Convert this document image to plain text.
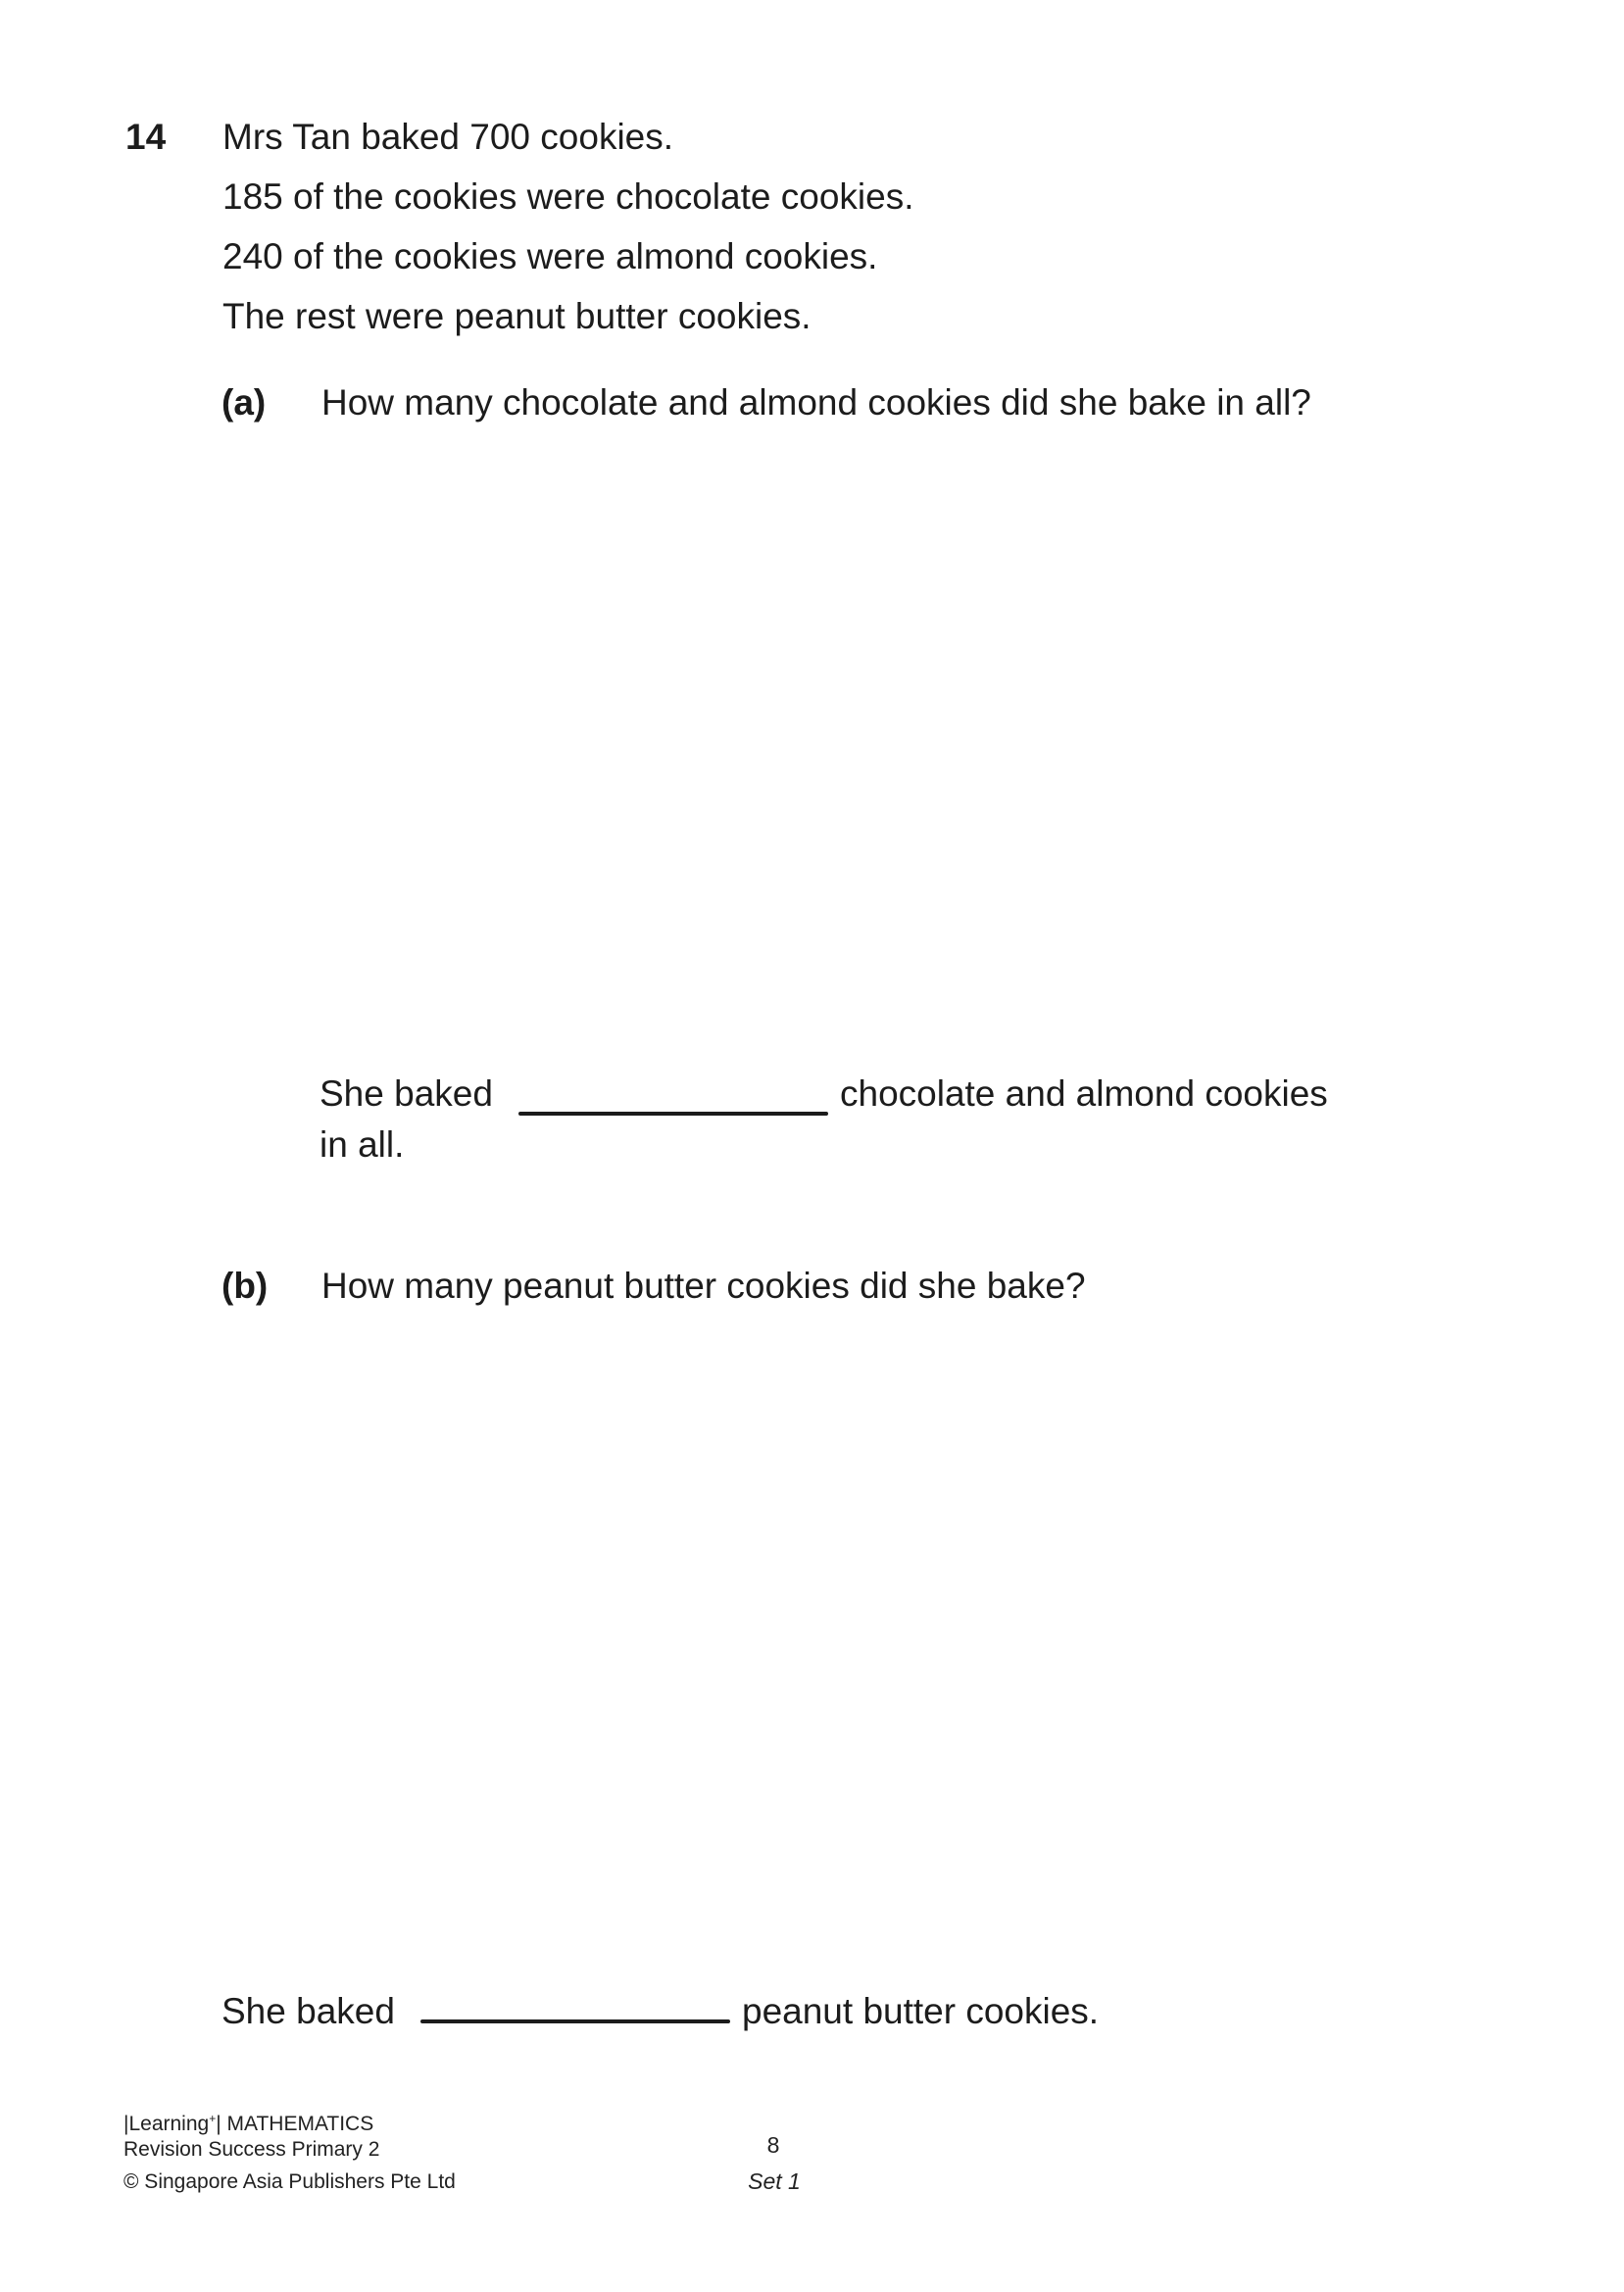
14 Mrs Tan baked 700 cookies.
185 of the cookies were chocolate cookies.
240 of the cookies were almond cookies.
The rest were peanut butter cookies.
(a) How many chocolate and almond cookies did she bake in all?
She baked	chocolate and almond cookies
in all.
(b) How many peanut butter cookies did she bake?
She baked	peanut butter cookies.
|Learning+| MATHEMATICS
Revision Success Primary 2
© Singapore Asia Publishers Pte Ltd
8
Set 1
